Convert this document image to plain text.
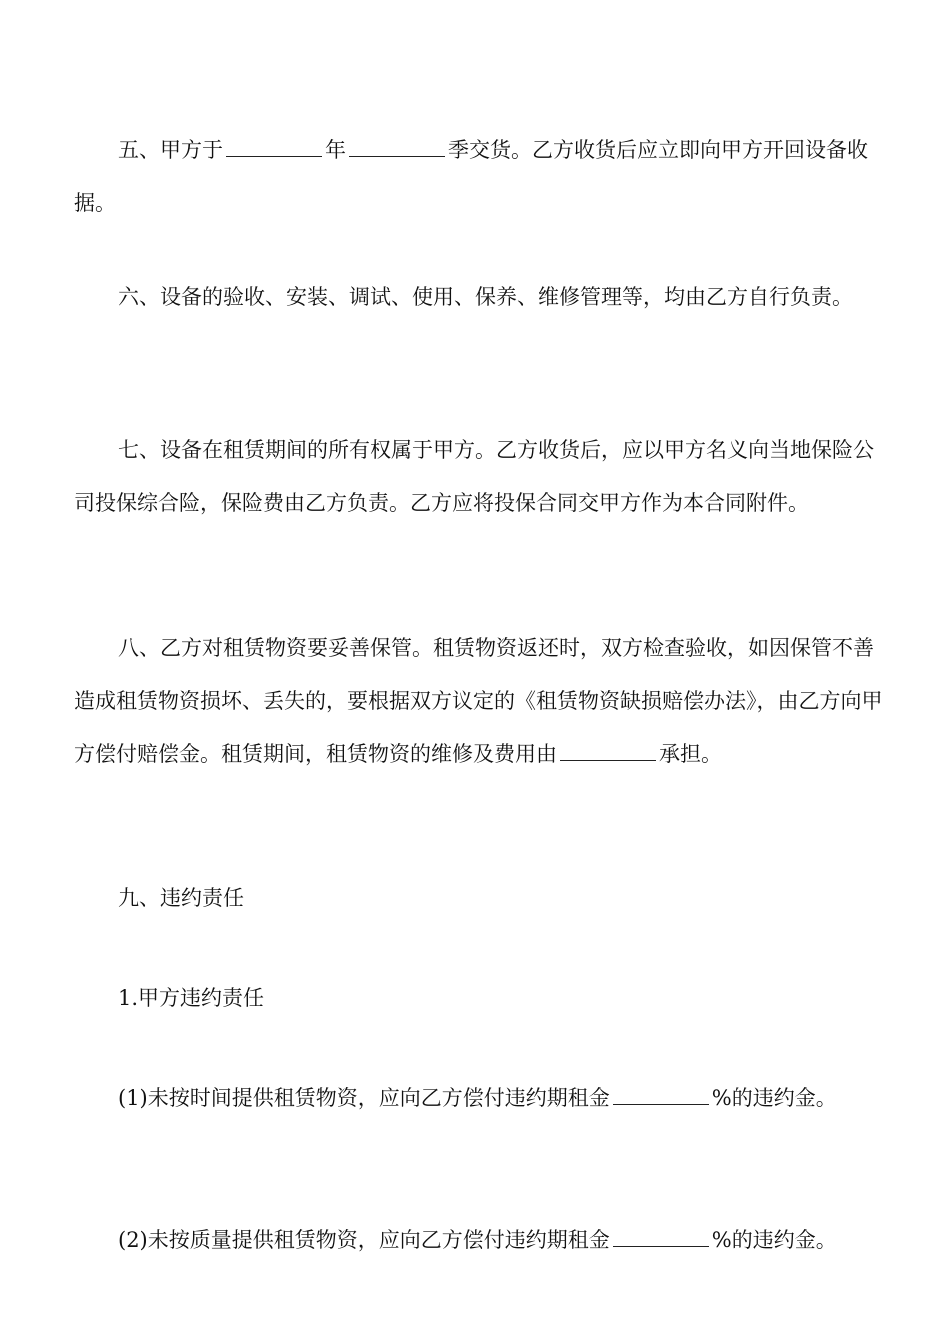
五、甲方于	年	季交货。乙方收货后应立即向甲方开回设备收据。

六、设备的验收、安装、调试、使用、保养、维修管理等，均由乙方自行负责。

七、设备在租赁期间的所有权属于甲方。乙方收货后，应以甲方名义向当地保险公司投保综合险，保险费由乙方负责。乙方应将投保合同交甲方作为本合同附件。

八、乙方对租赁物资要妥善保管。租赁物资返还时，双方检查验收，如因保管不善造成租赁物资损坏、丢失的，要根据双方议定的《租赁物资缺损赔偿办法》，由乙方向甲方偿付赔偿金。租赁期间，租赁物资的维修及费用由	承担。

九、违约责任

1.甲方违约责任

(1)未按时间提供租赁物资，应向乙方偿付违约期租金	%的违约金。

(2)未按质量提供租赁物资，应向乙方偿付违约期租金	%的违约金。
